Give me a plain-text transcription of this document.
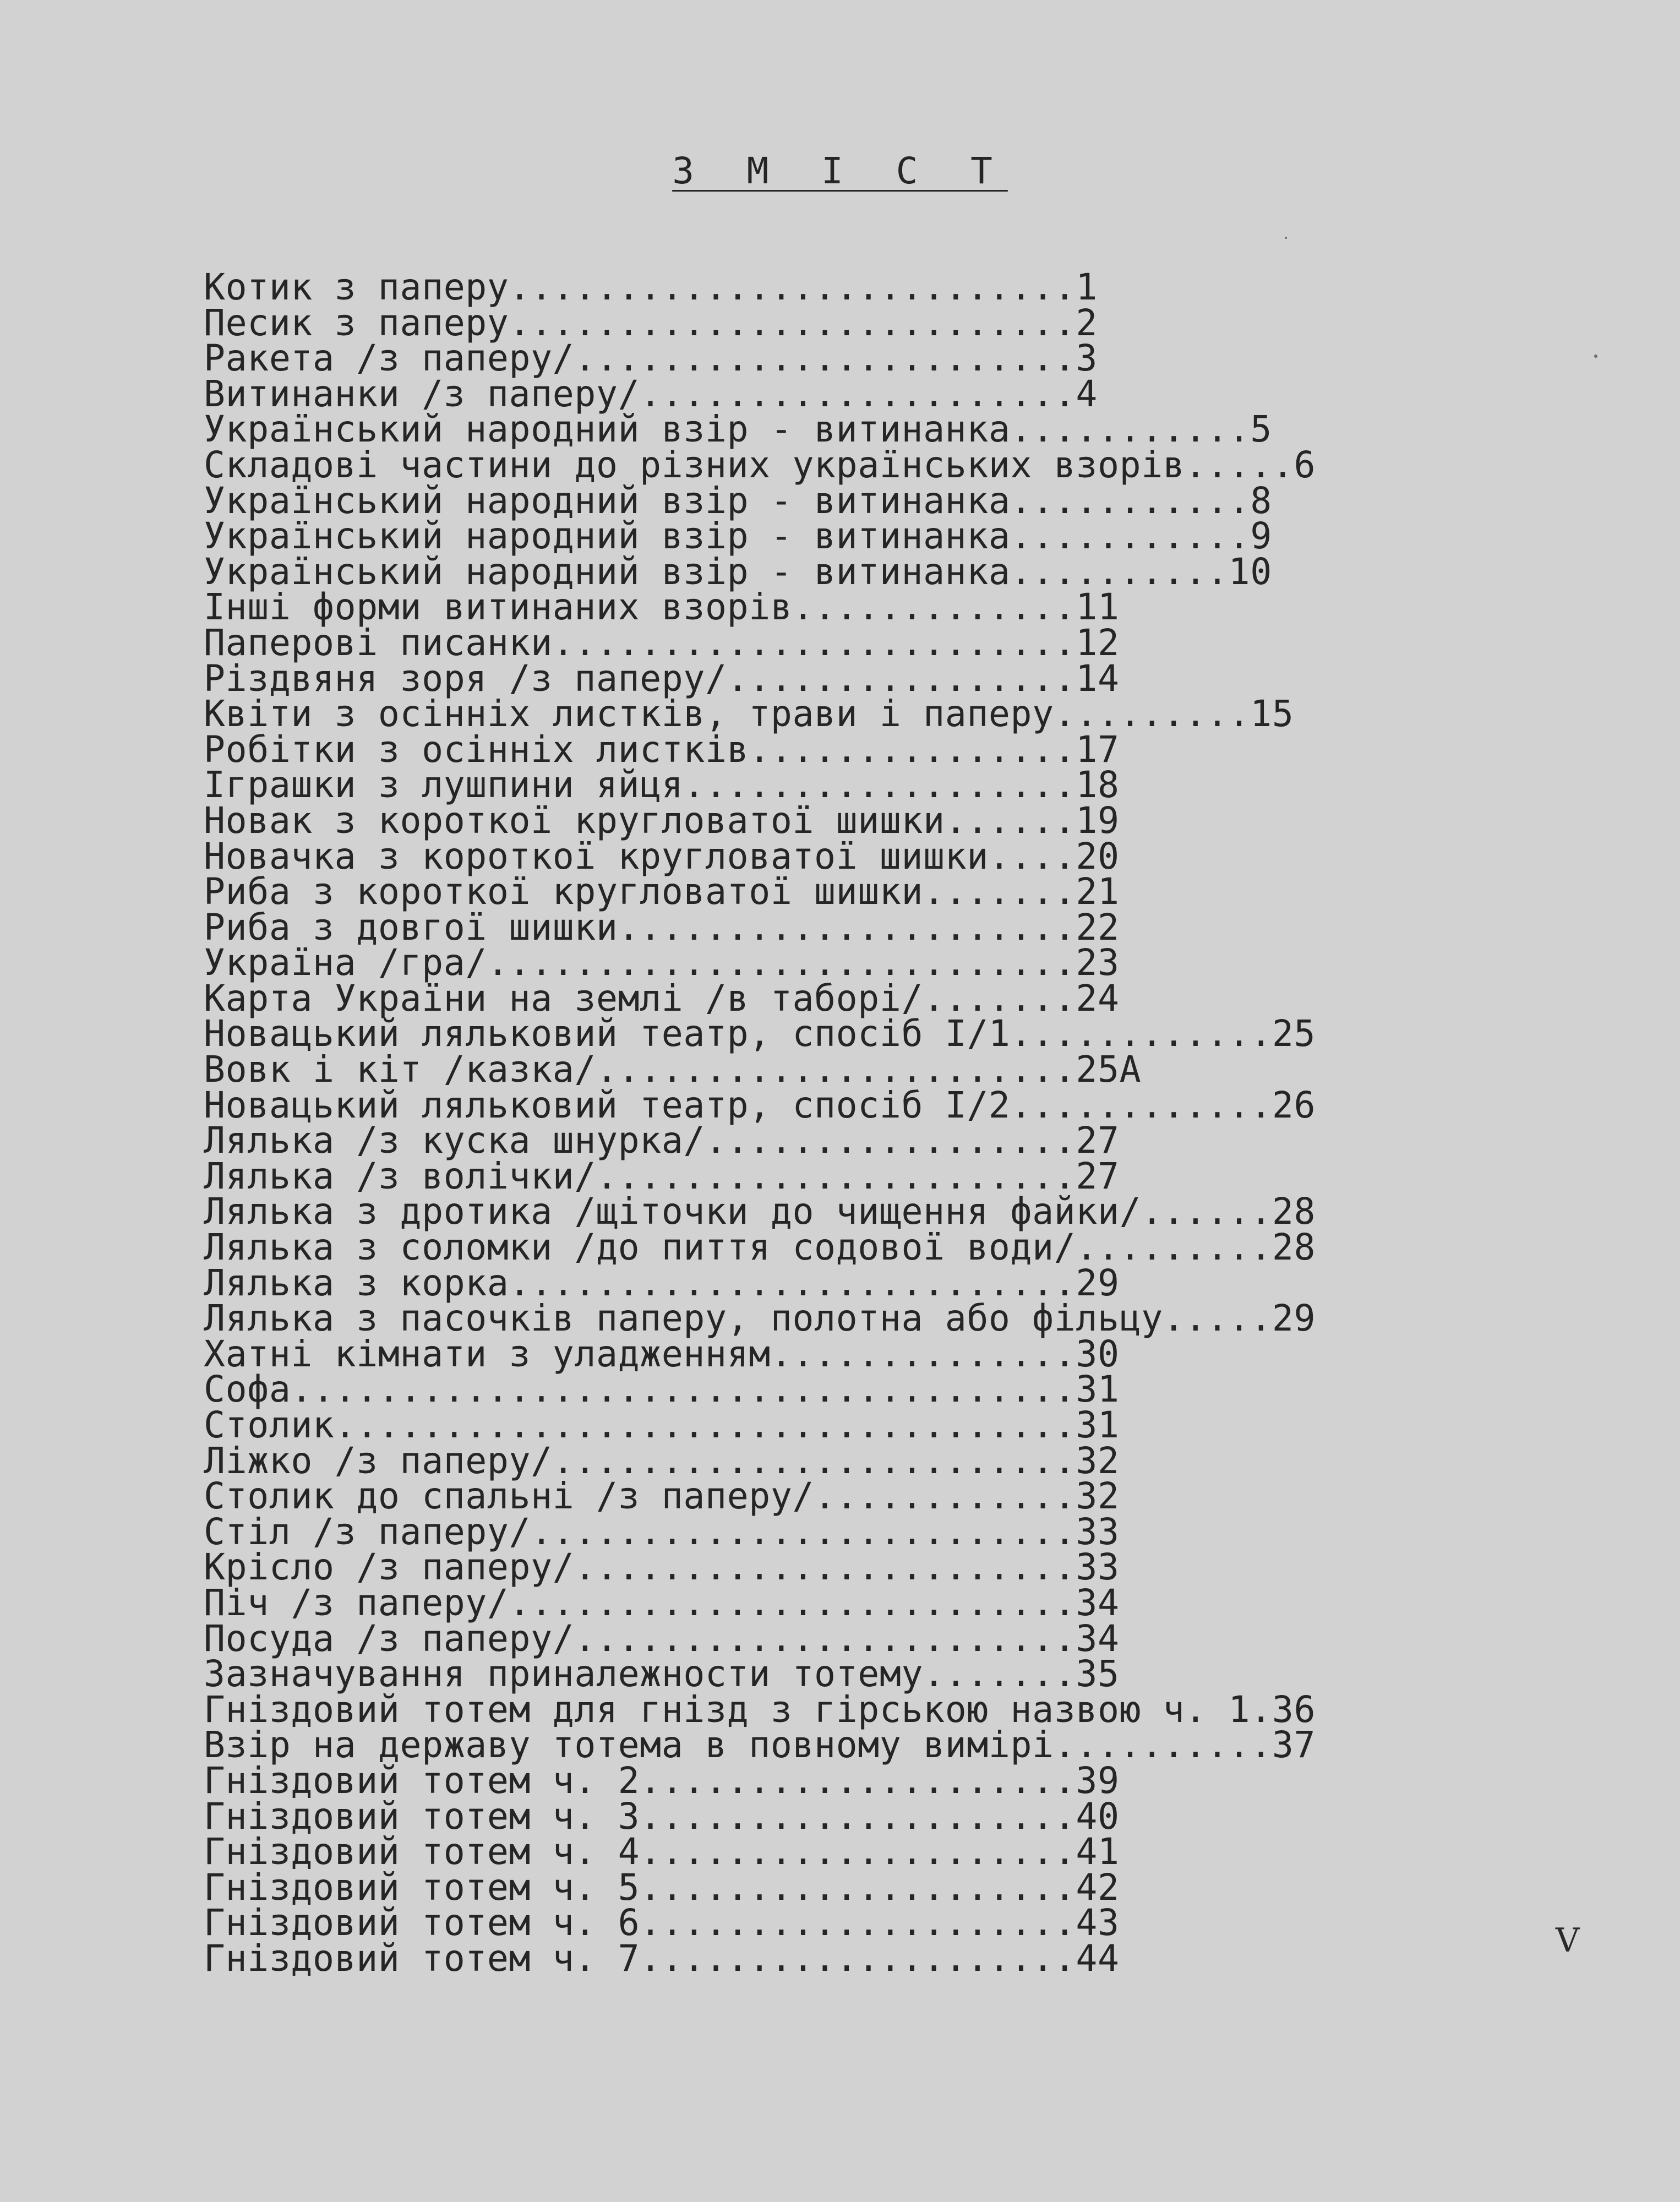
З М І С Т
Котик з паперу..........................1
Песик з паперу..........................2
Ракета /з паперу/.......................3
Витинанки /з паперу/....................4
Український народний взір - витинанка...........5
Складові частини до різних українських взорів.....6
Український народний взір - витинанка...........8
Український народний взір - витинанка...........9
Український народний взір - витинанка..........10
Інші форми витинаних взорів.............11
Паперові писанки........................12
Різдвяня зоря /з паперу/................14
Квіти з осінніх листків, трави і паперу.........15
Робітки з осінніх листків...............17
Іграшки з лушпини яйця..................18
Новак з короткої кругловатої шишки......19
Новачка з короткої кругловатої шишки....20
Риба з короткої кругловатої шишки.......21
Риба з довгої шишки.....................22
Україна /гра/...........................23
Карта України на землі /в таборі/.......24
Новацький ляльковий театр, спосіб I/1............25
Вовк і кіт /казка/......................25А
Новацький ляльковий театр, спосіб I/2............26
Лялька /з куска шнурка/.................27
Лялька /з волічки/......................27
Лялька з дротика /щіточки до чищення файки/......28
Лялька з соломки /до пиття содової води/.........28
Лялька з корка..........................29
Лялька з пасочків паперу, полотна або фільцу.....29
Хатні кімнати з уладженням..............30
Софа....................................31
Столик..................................31
Ліжко /з паперу/........................32
Столик до спальні /з паперу/............32
Стіл /з паперу/.........................33
Крісло /з паперу/.......................33
Піч /з паперу/..........................34
Посуда /з паперу/.......................34
Зазначування приналежности тотему.......35
Гніздовий тотем для гнізд з гірською назвою ч. 1.36
Взір на державу тотема в повному вимірі..........37
Гніздовий тотем ч. 2....................39
Гніздовий тотем ч. 3....................40
Гніздовий тотем ч. 4....................41
Гніздовий тотем ч. 5....................42
Гніздовий тотем ч. 6....................43
Гніздовий тотем ч. 7....................44	V
